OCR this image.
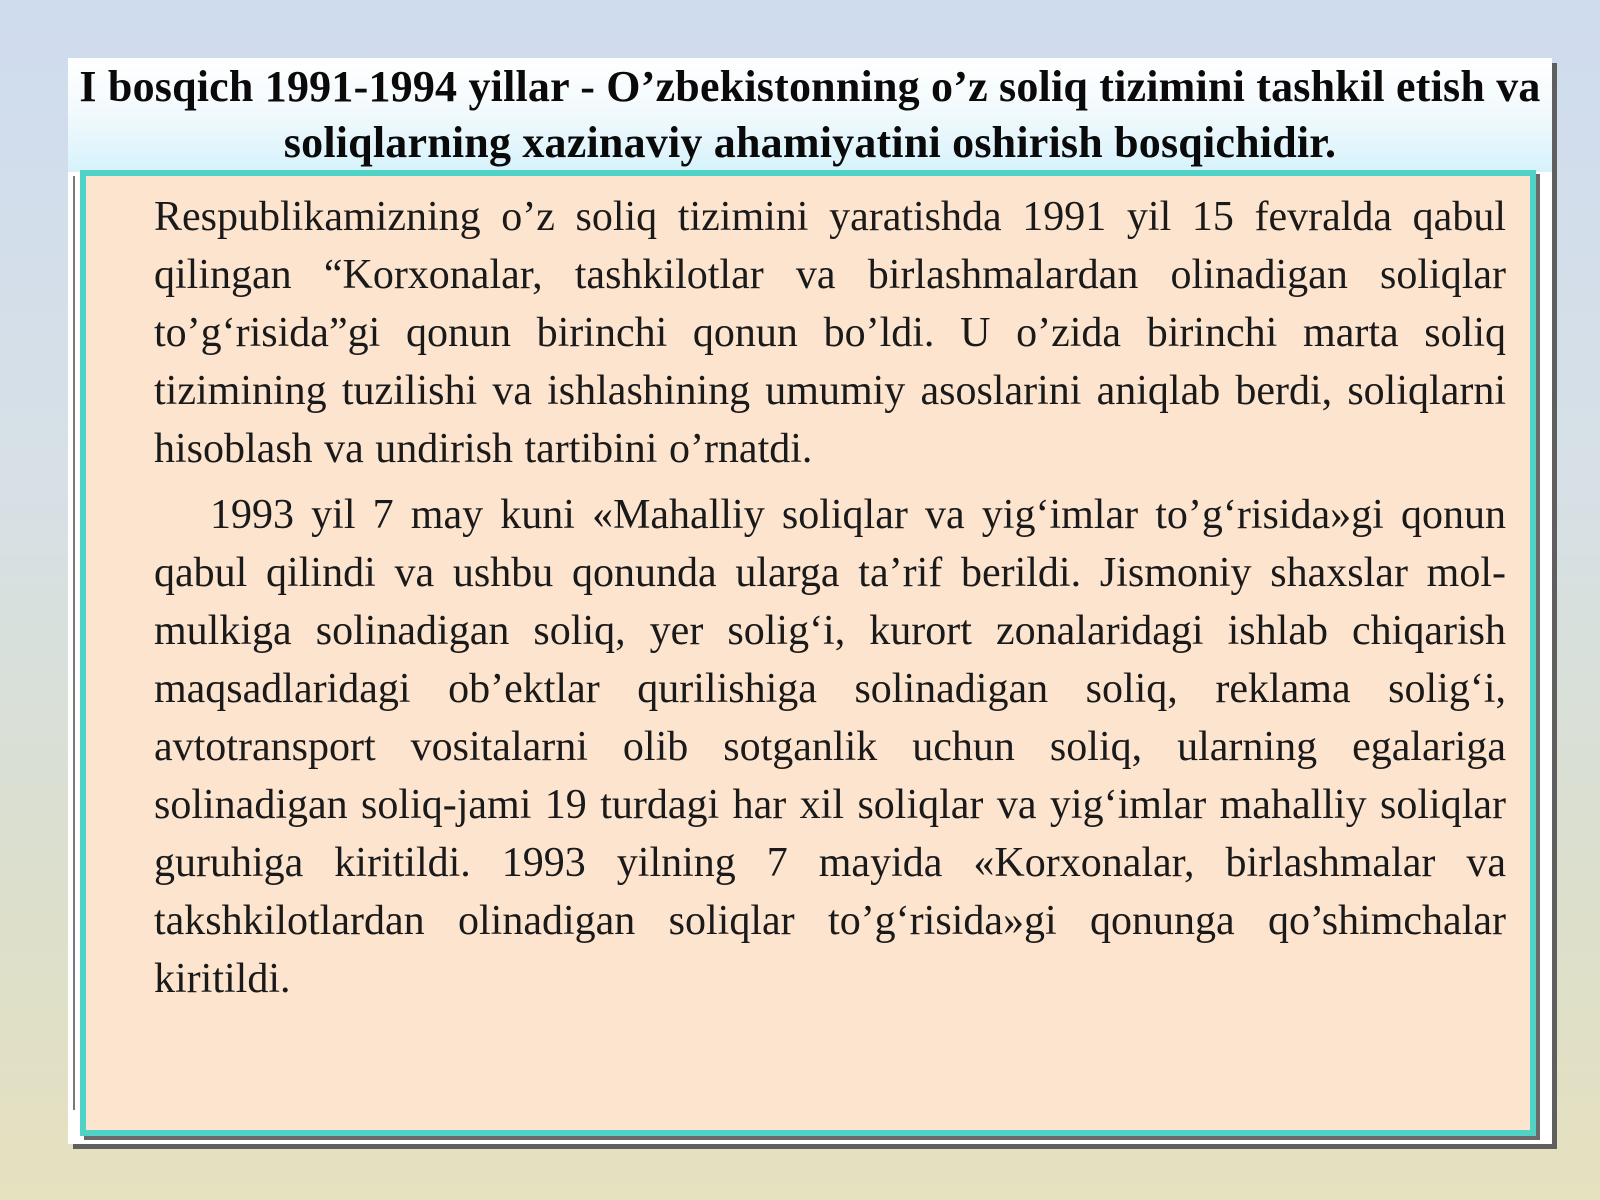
I bosqich 1991-1994 yillar - O’zbekistonning o’z soliq tizimini tashkil etish va soliqlarning xazinaviy ahamiyatini oshirish bosqichidir.

Respublikamizning o’z soliq tizimini yaratishda 1991 yil 15 fevralda qabul qilingan “Korxonalar, tashkilotlar va birlashmalardan olinadigan soliqlar to’g‘risida”gi qonun birinchi qonun bo’ldi. U o’zida birinchi marta soliq tizimining tuzilishi va ishlashining umumiy asoslarini aniqlab berdi, soliqlarni hisoblash va undirish tartibini o’rnatdi.

1993 yil 7 may kuni «Mahalliy soliqlar va yig‘imlar to’g‘risida»gi qonun qabul qilindi va ushbu qonunda ularga ta’rif berildi. Jismoniy shaxslar mol-mulkiga solinadigan soliq, yer solig‘i, kurort zonalaridagi ishlab chiqarish maqsadlaridagi ob’ektlar qurilishiga solinadigan soliq, reklama solig‘i, avtotransport vositalarni olib sotganlik uchun soliq, ularning egalariga solinadigan soliq-jami 19 turdagi har xil soliqlar va yig‘imlar mahalliy soliqlar guruhiga kiritildi. 1993 yilning 7 mayida «Korxonalar, birlashmalar va takshkilotlardan olinadigan soliqlar to’g‘risida»gi qonunga qo’shimchalar kiritildi.
